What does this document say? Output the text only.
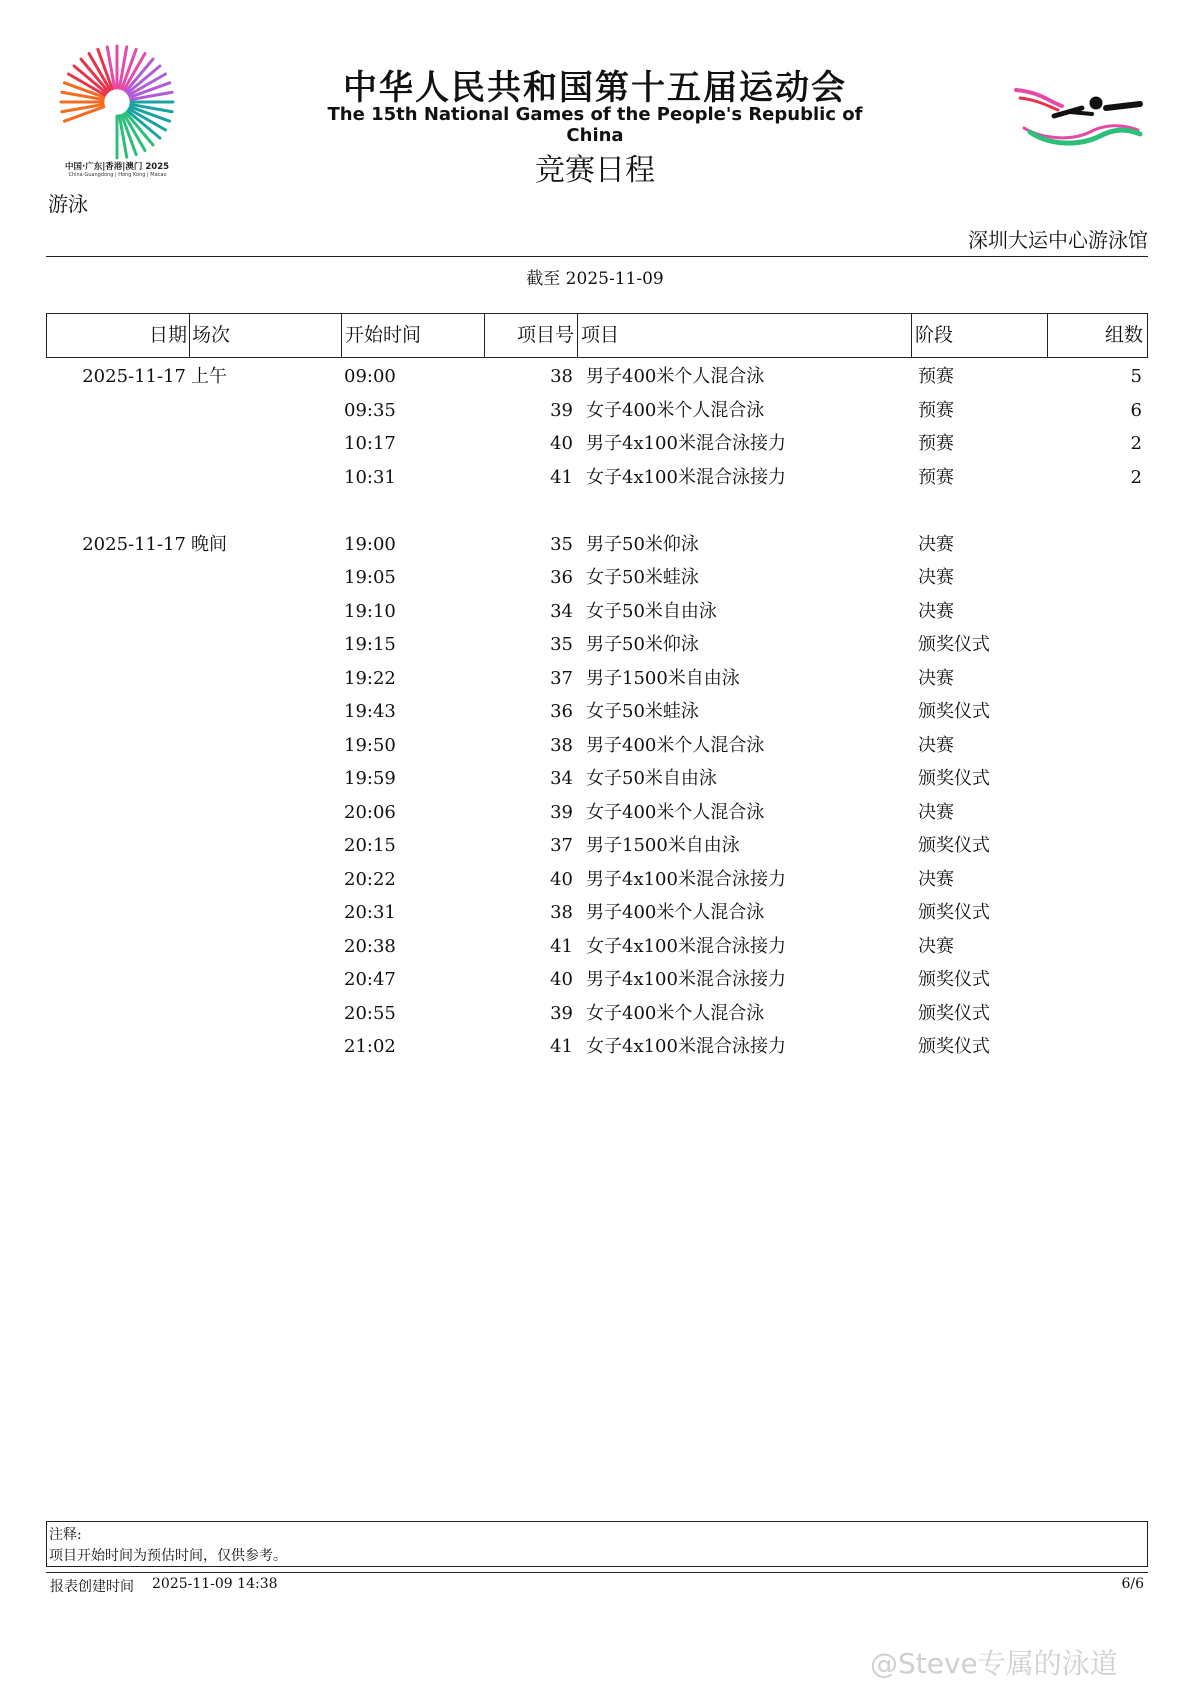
中国·广东|香港|澳门 2025
China·Guangdong | Hong Kong | Macao
中华人民共和国第十五届运动会
The 15th National Games of the People's Republic of China
竞赛日程
游泳
深圳大运中心游泳馆
截至 2025-11-09
日期 场次	开始时间	项目号 项目	阶段	组数
2025-11-17 上午	09:00	38 男子400米个人混合泳	预赛	5
09:35	39 女子400米个人混合泳	预赛	6
10:17	40 男子4x100米混合泳接力	预赛	2
10:31	41 女子4x100米混合泳接力	预赛	2
2025-11-17 晚间	19:00	35 男子50米仰泳	决赛
19:05	36 女子50米蛙泳	决赛
19:10	34 女子50米自由泳	决赛
19:15	35 男子50米仰泳	颁奖仪式
19:22	37 男子1500米自由泳	决赛
19:43	36 女子50米蛙泳	颁奖仪式
19:50	38 男子400米个人混合泳	决赛
19:59	34 女子50米自由泳	颁奖仪式
20:06	39 女子400米个人混合泳	决赛
20:15	37 男子1500米自由泳	颁奖仪式
20:22	40 男子4x100米混合泳接力	决赛
20:31	38 男子400米个人混合泳	颁奖仪式
20:38	41 女子4x100米混合泳接力	决赛
20:47	40 男子4x100米混合泳接力	颁奖仪式
20:55	39 女子400米个人混合泳	颁奖仪式
21:02	41 女子4x100米混合泳接力	颁奖仪式
注释:
项目开始时间为预估时间，仅供参考。
报表创建时间 2025-11-09 14:38	6/6
@Steve专属的泳道
